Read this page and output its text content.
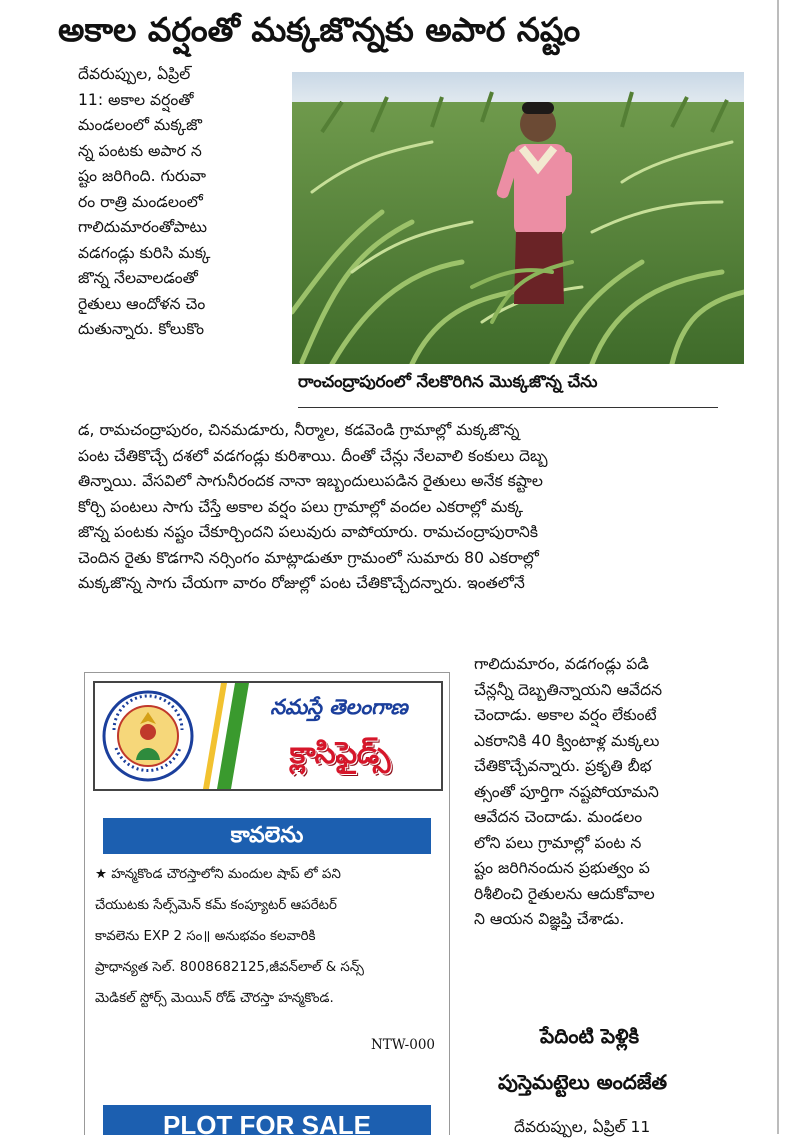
అకాల వర్షంతో మక్కజొన్నకు అపార నష్టం
దేవరుప్పుల, ఏప్రిల్
11: అకాల వర్షంతో
మండలంలో మక్కజొ
న్న పంటకు అపార న
ష్టం జరిగింది. గురువా
రం రాత్రి మండలంలో
గాలిదుమారంతోపాటు
వడగండ్లు కురిసి మక్క
జొన్న నేలవాలడంతో
రైతులు ఆందోళన చెం
దుతున్నారు. కోలుకొం
రాంచంద్రాపురంలో నేలకొరిగిన మొక్కజొన్న చేను
డ, రామచంద్రాపురం, చినమడూరు, నీర్మాల, కడవెండి గ్రామాల్లో మక్కజొన్న
పంట చేతికొచ్చే దశలో వడగండ్లు కురిశాయి. దీంతో చేన్లు నేలవాలి కంకులు దెబ్బ
తిన్నాయి. వేసవిలో సాగునీరందక నానా ఇబ్బందులుపడిన రైతులు అనేక కష్టాల
కోర్చి పంటలు సాగు చేస్తే అకాల వర్షం పలు గ్రామాల్లో వందల ఎకరాల్లో మక్క
జొన్న పంటకు నష్టం చేకూర్చిందని పలువురు వాపోయారు. రామచంద్రాపురానికి
చెందిన రైతు కొడగాని నర్సింగం మాట్లాడుతూ గ్రామంలో సుమారు 80 ఎకరాల్లో
మక్కజొన్న సాగు చేయగా వారం రోజుల్లో పంట చేతికొచ్చేదన్నారు. ఇంతలోనే
నమస్తే తెలంగాణ
క్లాసిఫైడ్స్
కావలెను
★ హన్మకొండ చౌరస్తాలోని మందుల షాప్ లో పని
చేయుటకు సేల్స్‌మెన్ కమ్ కంప్యూటర్ ఆపరేటర్
కావలెను EXP 2 సం॥ అనుభవం కలవారికి
ప్రాధాన్యత సెల్. 8008682125,జీవన్‌లాల్ & సన్స్
మెడికల్ స్టోర్స్ మెయిన్ రోడ్ చౌరస్తా హన్మకొండ.
NTW-000
PLOT FOR SALE
గాలిదుమారం, వడగండ్లు పడి
చేన్లన్నీ దెబ్బతిన్నాయని ఆవేదన
చెందాడు. అకాల వర్షం లేకుంటే
ఎకరానికి 40 క్వింటాళ్ల మక్కలు
చేతికొచ్చేవన్నారు. ప్రకృతి బీభ
త్సంతో పూర్తిగా నష్టపోయామని
ఆవేదన చెందాడు. మండలం
లోని పలు గ్రామాల్లో పంట న
ష్టం జరిగినందున ప్రభుత్వం ప
రిశీలించి రైతులను ఆదుకోవాల
ని ఆయన విజ్ఞప్తి చేశాడు.
పేదింటి పెళ్లికి
పుస్తెమట్టెలు అందజేత
దేవరుప్పుల, ఏప్రిల్ 11
